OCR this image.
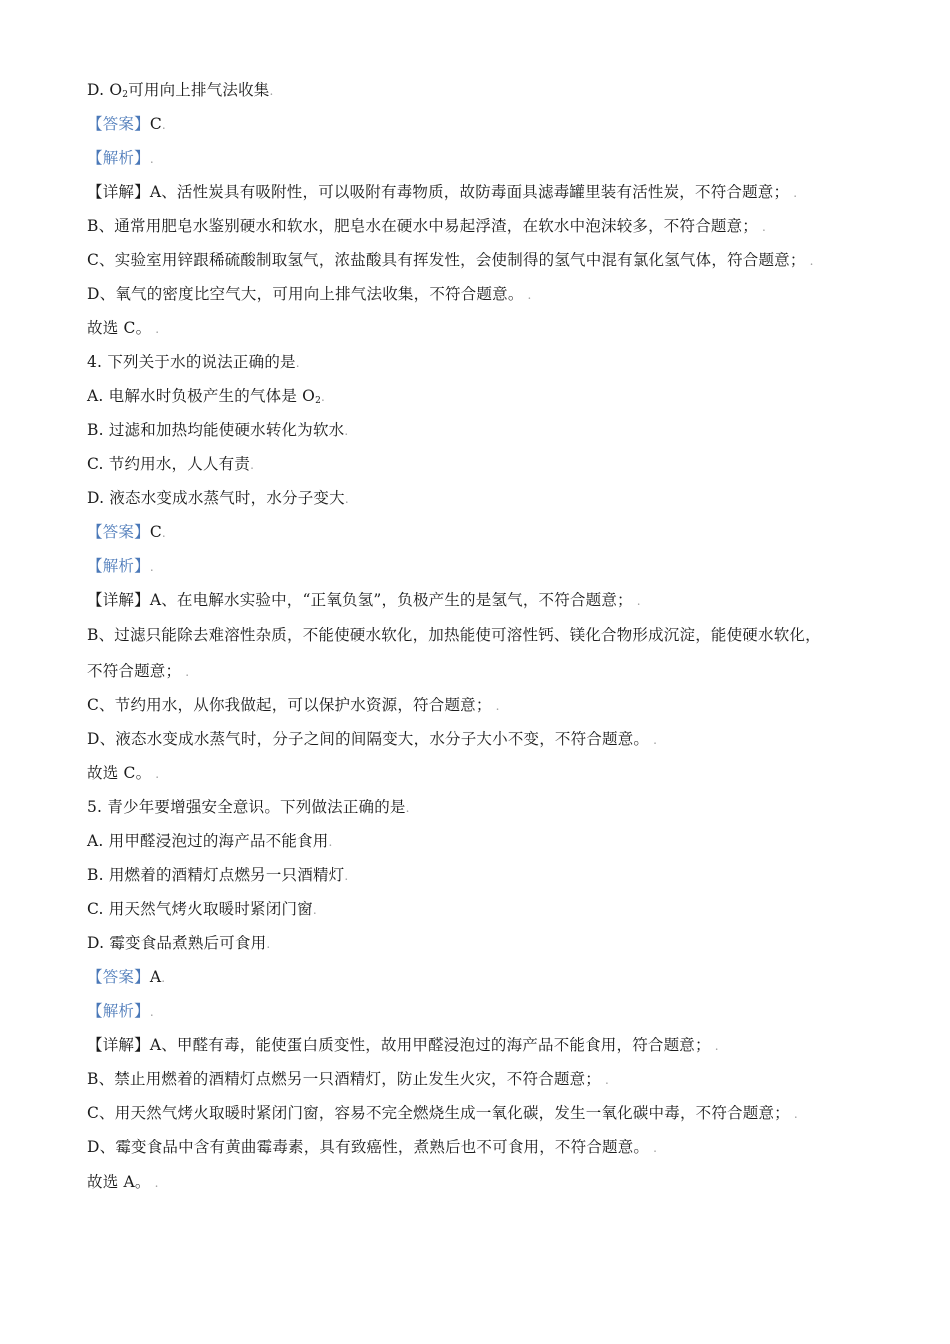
D. $O_2$可用向上排气法收集.
【答案】C.
【解析】.
【详解】A、活性炭具有吸附性，可以吸附有毒物质，故防毒面具滤毒罐里装有活性炭，不符合题意； .
B、通常用肥皂水鉴别硬水和软水，肥皂水在硬水中易起浮渣，在软水中泡沫较多，不符合题意； .
C、实验室用锌跟稀硫酸制取氢气，浓盐酸具有挥发性，会使制得的氢气中混有氯化氢气体，符合题意； .
D、氧气的密度比空气大，可用向上排气法收集，不符合题意。 .
故选 C。 .
4. 下列关于水的说法正确的是.
A. 电解水时负极产生的气体是 $O_2$.
B. 过滤和加热均能使硬水转化为软水.
C. 节约用水，人人有责.
D. 液态水变成水蒸气时，水分子变大.
【答案】C.
【解析】.
【详解】A、在电解水实验中，“正氧负氢”，负极产生的是氢气，不符合题意； .
B、过滤只能除去难溶性杂质，不能使硬水软化，加热能使可溶性钙、镁化合物形成沉淀，能使硬水软化，
不符合题意； .
C、节约用水，从你我做起，可以保护水资源，符合题意； .
D、液态水变成水蒸气时，分子之间的间隔变大，水分子大小不变，不符合题意。 .
故选 C。 .
5. 青少年要增强安全意识。下列做法正确的是.
A. 用甲醛浸泡过的海产品不能食用.
B. 用燃着的酒精灯点燃另一只酒精灯.
C. 用天然气烤火取暖时紧闭门窗.
D. 霉变食品煮熟后可食用.
【答案】A.
【解析】.
【详解】A、甲醛有毒，能使蛋白质变性，故用甲醛浸泡过的海产品不能食用，符合题意； .
B、禁止用燃着的酒精灯点燃另一只酒精灯，防止发生火灾，不符合题意； .
C、用天然气烤火取暖时紧闭门窗，容易不完全燃烧生成一氧化碳，发生一氧化碳中毒，不符合题意； .
D、霉变食品中含有黄曲霉毒素，具有致癌性，煮熟后也不可食用，不符合题意。 .
故选 A。 .
